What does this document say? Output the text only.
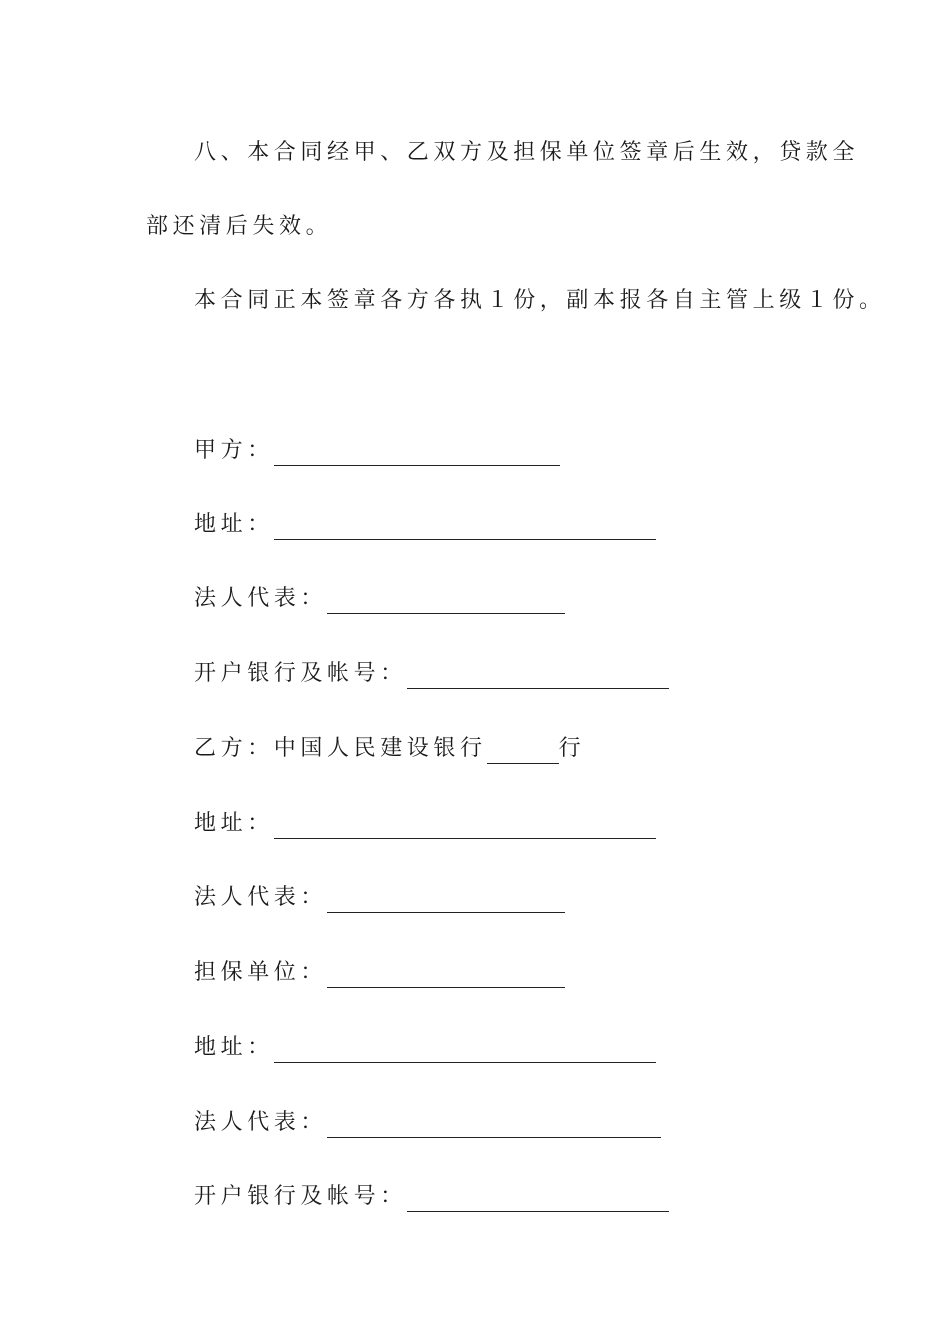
八、本合同经甲、乙双方及担保单位签章后生效，贷款全
部还清后失效。
本合同正本签章各方各执１份，副本报各自主管上级１份。
甲方：
地址：
法人代表：
开户银行及帐号：
乙方：中国人民建设银行	行
地址：
法人代表：
担保单位：
地址：
法人代表：
开户银行及帐号：
